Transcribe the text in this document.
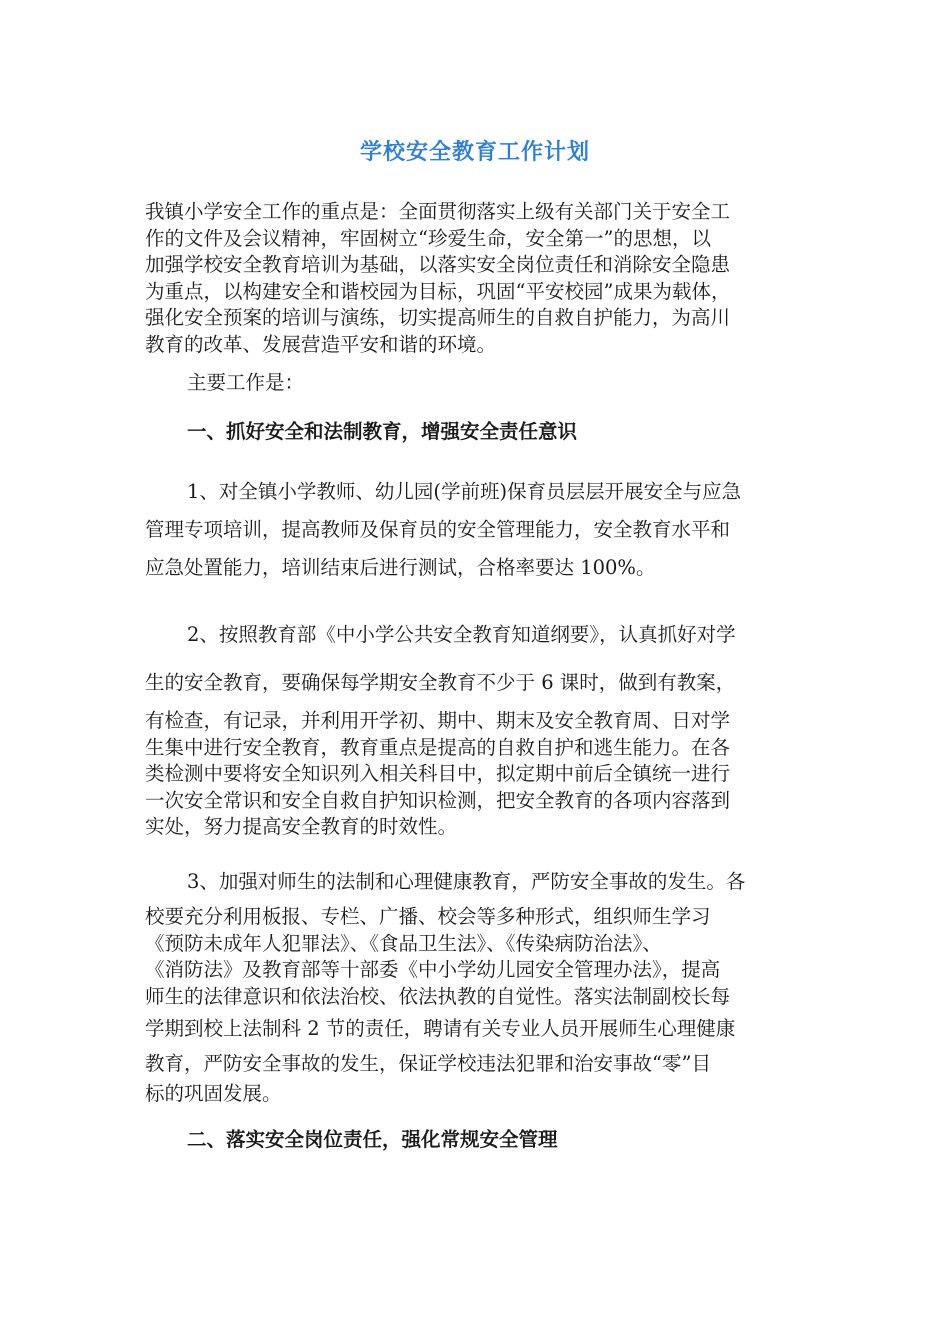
学校安全教育工作计划
我镇小学安全工作的重点是：全面贯彻落实上级有关部门关于安全工
作的文件及会议精神，牢固树立“珍爱生命，安全第一”的思想，以
加强学校安全教育培训为基础，以落实安全岗位责任和消除安全隐患
为重点，以构建安全和谐校园为目标，巩固“平安校园”成果为载体，
强化安全预案的培训与演练，切实提高师生的自救自护能力，为高川
教育的改革、发展营造平安和谐的环境。
主要工作是：
一、抓好安全和法制教育，增强安全责任意识
1、对全镇小学教师、幼儿园(学前班)保育员层层开展安全与应急
管理专项培训，提高教师及保育员的安全管理能力，安全教育水平和
应急处置能力，培训结束后进行测试，合格率要达 100%。
2、按照教育部《中小学公共安全教育知道纲要》，认真抓好对学
生的安全教育，要确保每学期安全教育不少于 6 课时，做到有教案，
有检查，有记录，并利用开学初、期中、期末及安全教育周、日对学
生集中进行安全教育，教育重点是提高的自救自护和逃生能力。在各
类检测中要将安全知识列入相关科目中，拟定期中前后全镇统一进行
一次安全常识和安全自救自护知识检测，把安全教育的各项内容落到
实处，努力提高安全教育的时效性。
3、加强对师生的法制和心理健康教育，严防安全事故的发生。各
校要充分利用板报、专栏、广播、校会等多种形式，组织师生学习
《预防未成年人犯罪法》、《食品卫生法》、《传染病防治法》、
《消防法》及教育部等十部委《中小学幼儿园安全管理办法》，提高
师生的法律意识和依法治校、依法执教的自觉性。落实法制副校长每
学期到校上法制科 2 节的责任，聘请有关专业人员开展师生心理健康
教育，严防安全事故的发生，保证学校违法犯罪和治安事故“零”目
标的巩固发展。
二、落实安全岗位责任，强化常规安全管理
